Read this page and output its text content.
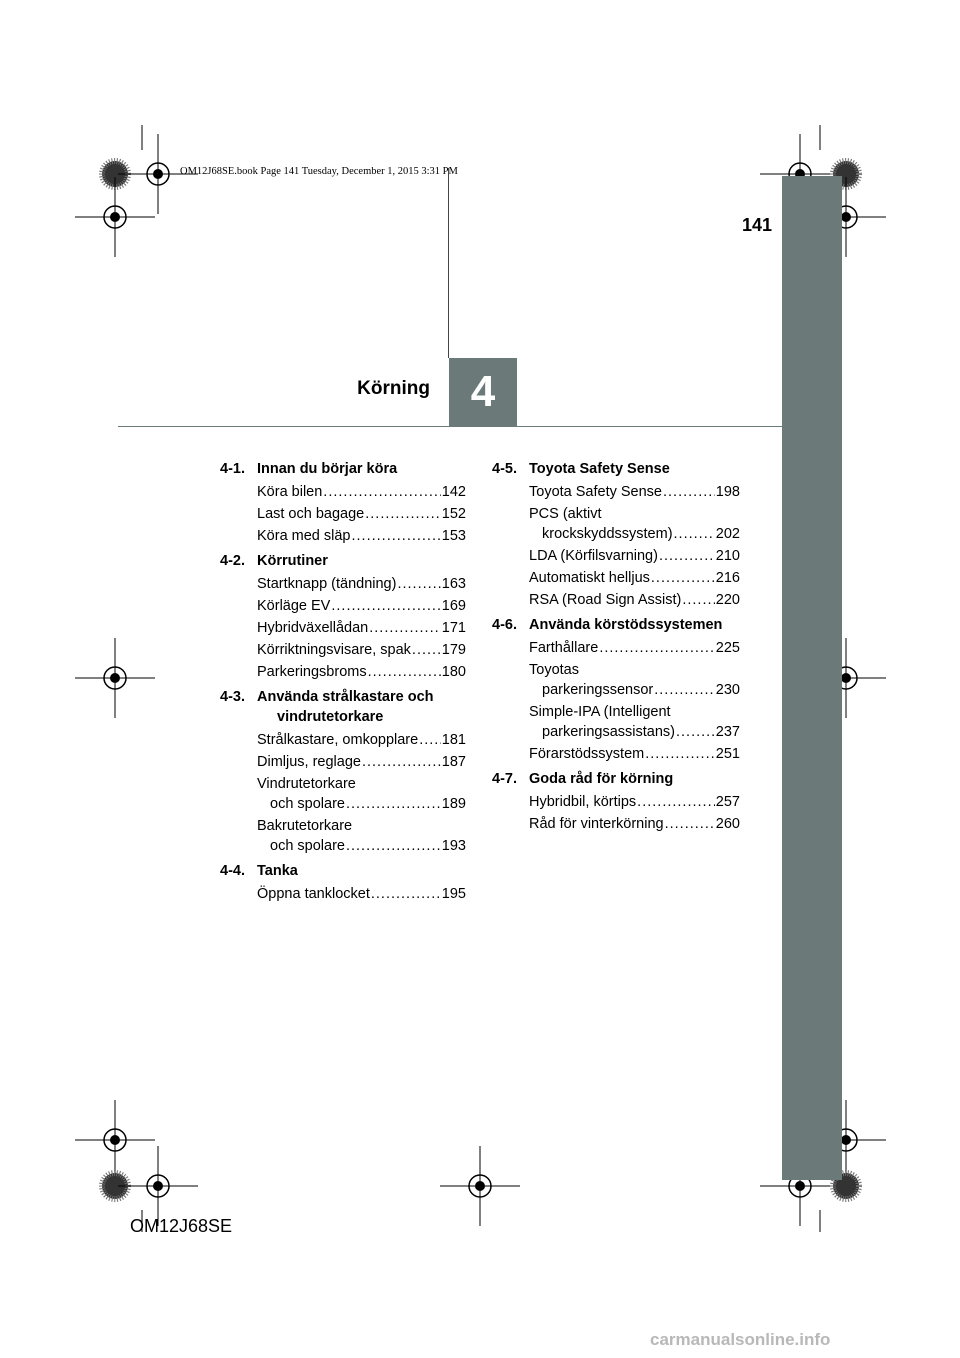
OM12J68SE.book Page 141 Tuesday, December 1, 2015 3:31 PM
141
4
Körning
4-1. Innan du börjar köra
Köra bilen .....	142
Last och bagage .....	152
Köra med släp .....	153
4-2. Körrutiner
Startknapp (tändning) .....	163
Körläge EV .....	169
Hybridväxellådan .....	171
Körriktningsvisare, spak ..... 179
Parkeringsbroms .....	180
4-3. Använda strålkastare och vindrutetorkare
Strålkastare, omkopplare ..... 181
Dimljus, reglage .....	187
Vindrutetorkare
och spolare .....	189
Bakrutetorkare
och spolare .....	193
4-4. Tanka
Öppna tanklocket .....	195
4-5. Toyota Safety Sense
Toyota Safety Sense .....	198
PCS (aktivt
krockskyddssystem) .....	202
LDA (Körfilsvarning) .....	210
Automatiskt helljus .....	216
RSA (Road Sign Assist) ..... 220
4-6. Använda körstödssystemen
Farthållare .....	225
Toyotas
parkeringssensor .....	230
Simple-IPA (Intelligent
parkeringsassistans) .....	237
Förarstödssystem .....	251
4-7. Goda råd för körning
Hybridbil, körtips .....	257
Råd för vinterkörning .....	260
OM12J68SE
carmanualsonline.info
